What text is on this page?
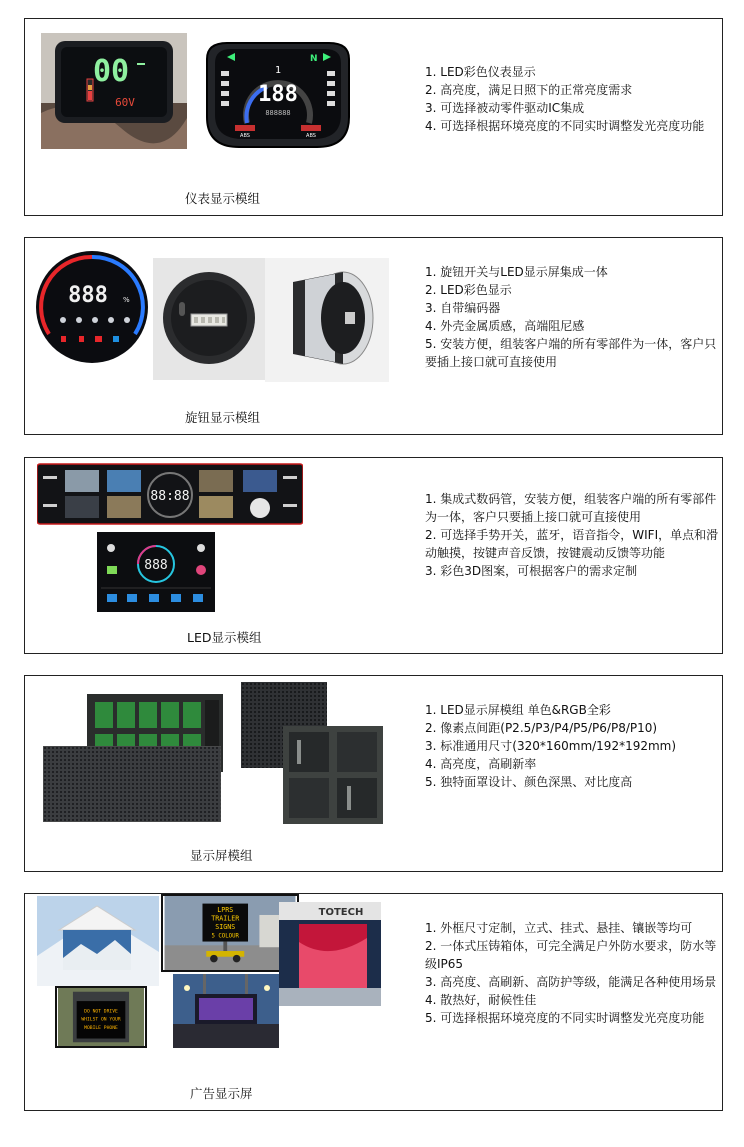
00
60V
1
188
888888
N
ABS	ABS
仪表显示模组
1. LED彩色仪表显示
2. 高亮度，满足日照下的正常亮度需求
3. 可选择被动零件驱动IC集成
4. 可选择根据环境亮度的不同实时调整发光亮度功能
888 %
旋钮显示模组
1. 旋钮开关与LED显示屏集成一体
2. LED彩色显示
3. 自带编码器
4. 外壳金属质感，高端阻尼感
5. 安装方便，组装客户端的所有零部件为一体，客户只要插上接口就可直接使用
88:88
888
LED显示模组
1. 集成式数码管，安装方便，组装客户端的所有零部件为一体，客户只要插上接口就可直接使用
2. 可选择手势开关，蓝牙，语音指令，WIFI，单点和滑动触摸，按键声音反馈，按键震动反馈等功能
3. 彩色3D图案，可根据客户的需求定制
显示屏模组
1. LED显示屏模组 单色&RGB全彩
2. 像素点间距(P2.5/P3/P4/P5/P6/P8/P10)
3. 标准通用尺寸(320*160mm/192*192mm)
4. 高亮度，高刷新率
5. 独特面罩设计、颜色深黑、对比度高
LPRS
TRAILER
SIGNS
5 COLOUR
TOTECH
DO NOT DRIVE
WHILST ON YOUR
MOBILE PHONE
广告显示屏
1. 外框尺寸定制，立式、挂式、悬挂、镶嵌等均可
2. 一体式压铸箱体，可完全满足户外防水要求，防水等级IP65
3. 高亮度、高刷新、高防护等级，能满足各种使用场景
4. 散热好，耐候性佳
5. 可选择根据环境亮度的不同实时调整发光亮度功能
